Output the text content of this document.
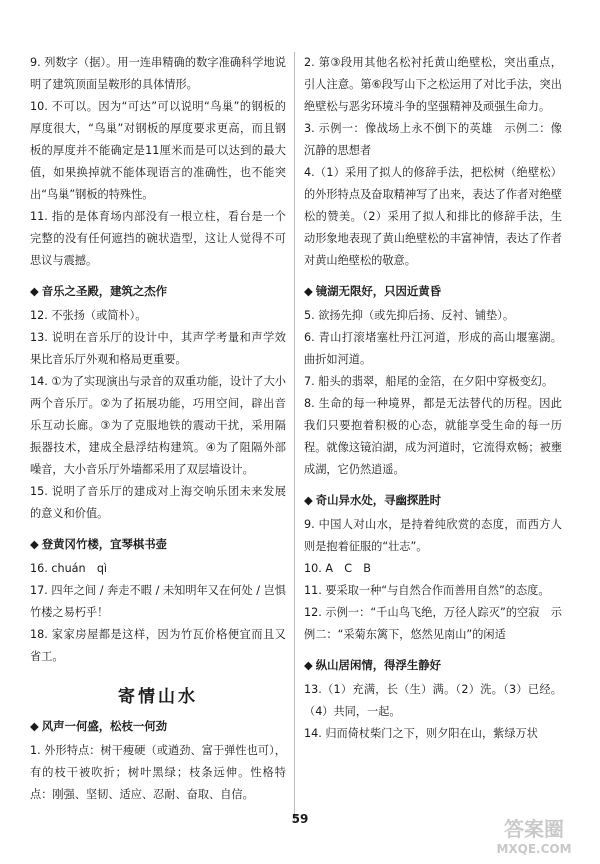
9. 列数字（据）。用一连串精确的数字准确科学地说明了建筑顶面呈鞍形的具体情形。

10. 不可以。因为“可达”可以说明“鸟巢”的钢板的厚度很大，“鸟巢”对钢板的厚度要求更高，而且钢板的厚度并不能确定是11厘米而是可以达到的最大值，如果换掉就不能体现语言的准确性，也不能突出“鸟巢”钢板的特殊性。

11. 指的是体育场内部没有一根立柱，看台是一个完整的没有任何遮挡的碗状造型，这让人觉得不可思议与震撼。

◆ 音乐之圣殿，建筑之杰作

12. 不张扬（或简朴）。

13. 说明在音乐厅的设计中，其声学考量和声学效果比音乐厅外观和格局更重要。

14. ①为了实现演出与录音的双重功能，设计了大小两个音乐厅。②为了拓展功能，巧用空间，辟出音乐互动长廊。③为了克服地铁的震动干扰，采用隔振器技术，建成全悬浮结构建筑。④为了阻隔外部噪音，大小音乐厅外墙都采用了双层墙设计。

15. 说明了音乐厅的建成对上海交响乐团未来发展的意义和价值。

◆ 登黄冈竹楼，宜琴棋书壶

16. chuán　qì

17. 四年之间 / 奔走不暇 / 未知明年又在何处 / 岂惧竹楼之易朽乎！

18. 家家房屋都是这样，因为竹瓦价格便宜而且又省工。

寄情山水
◆ 风声一何盛，松枝一何劲

1. 外形特点：树干瘦硬（或遒劲、富于弹性也可），有的枝干被吹折；树叶黑绿；枝条远伸。性格特点：刚强、坚韧、适应、忍耐、奋取、自信。

2. 第③段用其他名松衬托黄山绝壁松，突出重点，引人注意。第⑥段写山下之松运用了对比手法，突出绝壁松与恶劣环境斗争的坚强精神及顽强生命力。

3. 示例一：像战场上永不倒下的英雄　示例二：像沉静的思想者

4.（1）采用了拟人的修辞手法，把松树（绝壁松）的外形特点及奋取精神写了出来，表达了作者对绝壁松的赞美。（2）采用了拟人和排比的修辞手法，生动形象地表现了黄山绝壁松的丰富神情，表达了作者对黄山绝壁松的敬意。

◆ 镜湖无限好，只因近黄昏

5. 欲扬先抑（或先抑后扬、反衬、铺垫）。

6. 青山打滚堵塞杜丹江河道，形成的高山堰塞湖。曲折如河道。

7. 船头的翡翠，船尾的金箔，在夕阳中穿极变幻。

8. 生命的每一种境界，都是无法替代的历程。因此我们只要抱着积极的心态，就能享受生命的每一历程。就像这镜泊湖，成为河道时，它流得欢畅；被壅成湖，它仍然逍遥。

◆ 奇山异水处，寻幽探胜时

9. 中国人对山水，是持着纯欣赏的态度，而西方人则是抱着征服的“壮志”。

10. A　C　B

11. 要采取一种“与自然合作而善用自然”的态度。

12. 示例一：“千山鸟飞绝，万径人踪灭”的空寂　示例二：“采菊东篱下，悠然见南山”的闲适

◆ 纵山居闲情，得浮生静好

13.（1）充满，长（生）满。（2）洗。（3）已经。（4）共同，一起。

14. 归而倚杖柴门之下，则夕阳在山，紫绿万状

59	答案圈
MXQE.COM
